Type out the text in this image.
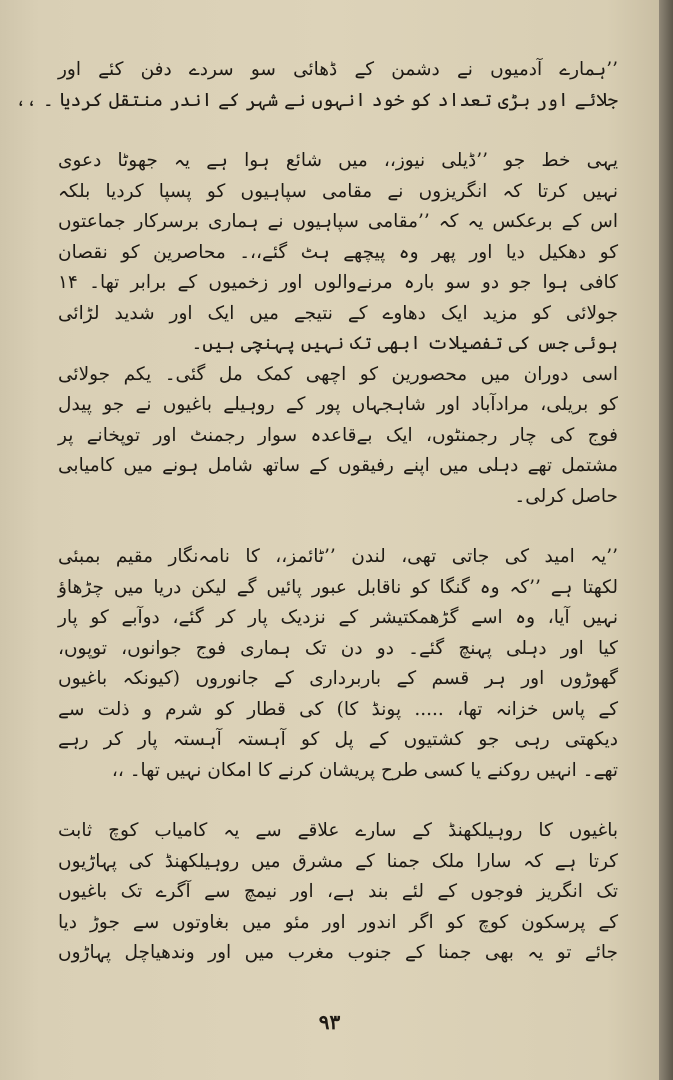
’’ہمارے آدمیوں نے دشمن کے ڈھائی سو سردے دفن کئے اور
جلائے اور بڑی تعداد کو خود انہوں نے شہر کے اندر منتقل کردیا ۔ ،،
یہی خط جو ’’ڈیلی نیوز،، میں شائع ہوا ہے یہ جھوٹا دعوی
نہیں کرتا کہ انگریزوں نے مقامی سپاہیوں کو پسپا کردیا بلکہ
اس کے برعکس یہ کہ ’’مقامی سپاہیوں نے ہماری برسرکار جماعتوں
کو دھکیل دیا اور پھر وہ پیچھے ہٹ گئے،،۔ محاصرین کو نقصان
کافی ہوا جو دو سو بارہ مرنےوالوں اور زخمیوں کے برابر تھا۔ ۱۴
جولائی کو مزید ایک دھاوے کے نتیجے میں ایک اور شدید لڑائی
ہوئی جس کی تفصیلات ابھی تک نہیں پہنچی ہیں۔
اسی دوران میں محصورین کو اچھی کمک مل گئی۔ یکم جولائی
کو بریلی، مرادآباد اور شاہجہاں پور کے روہیلے باغیوں نے جو پیدل
فوج کی چار رجمنٹوں، ایک بےقاعدہ سوار رجمنٹ اور توپخانے پر
مشتمل تھے دہلی میں اپنے رفیقوں کے ساتھ شامل ہونے میں کامیابی
حاصل کرلی۔
’’یہ امید کی جاتی تھی، لندن ’’ٹائمز،، کا نامہ‌نگار مقیم بمبئی
لکھتا ہے ’’کہ وہ گنگا کو ناقابل عبور پائیں گے لیکن دریا میں چڑھاؤ
نہیں آیا، وہ اسے گڑھمکتیشر کے نزدیک پار کر گئے، دوآبے کو پار
کیا اور دہلی پہنچ گئے۔ دو دن تک ہماری فوج جوانوں، توپوں،
گھوڑوں اور ہر قسم کے باربرداری کے جانوروں (کیونکہ باغیوں
کے پاس خزانہ تھا، ..... پونڈ کا) کی قطار کو شرم و ذلت سے
دیکھتی رہی جو کشتیوں کے پل کو آہستہ آہستہ پار کر رہے
تھے۔ انہیں روکنے یا کسی طرح پریشان کرنے کا امکان نہیں تھا۔ ،،
باغیوں کا روہیلکھنڈ کے سارے علاقے سے یہ کامیاب کوچ ثابت
کرتا ہے کہ سارا ملک جمنا کے مشرق میں روہیلکھنڈ کی پہاڑیوں
تک انگریز فوجوں کے لئے بند ہے، اور نیمچ سے آگرے تک باغیوں
کے پرسکون کوچ کو اگر اندور اور مئو میں بغاوتوں سے جوڑ دیا
جائے تو یہ بھی جمنا کے جنوب مغرب میں اور وندھیاچل پہاڑوں
۹۳
